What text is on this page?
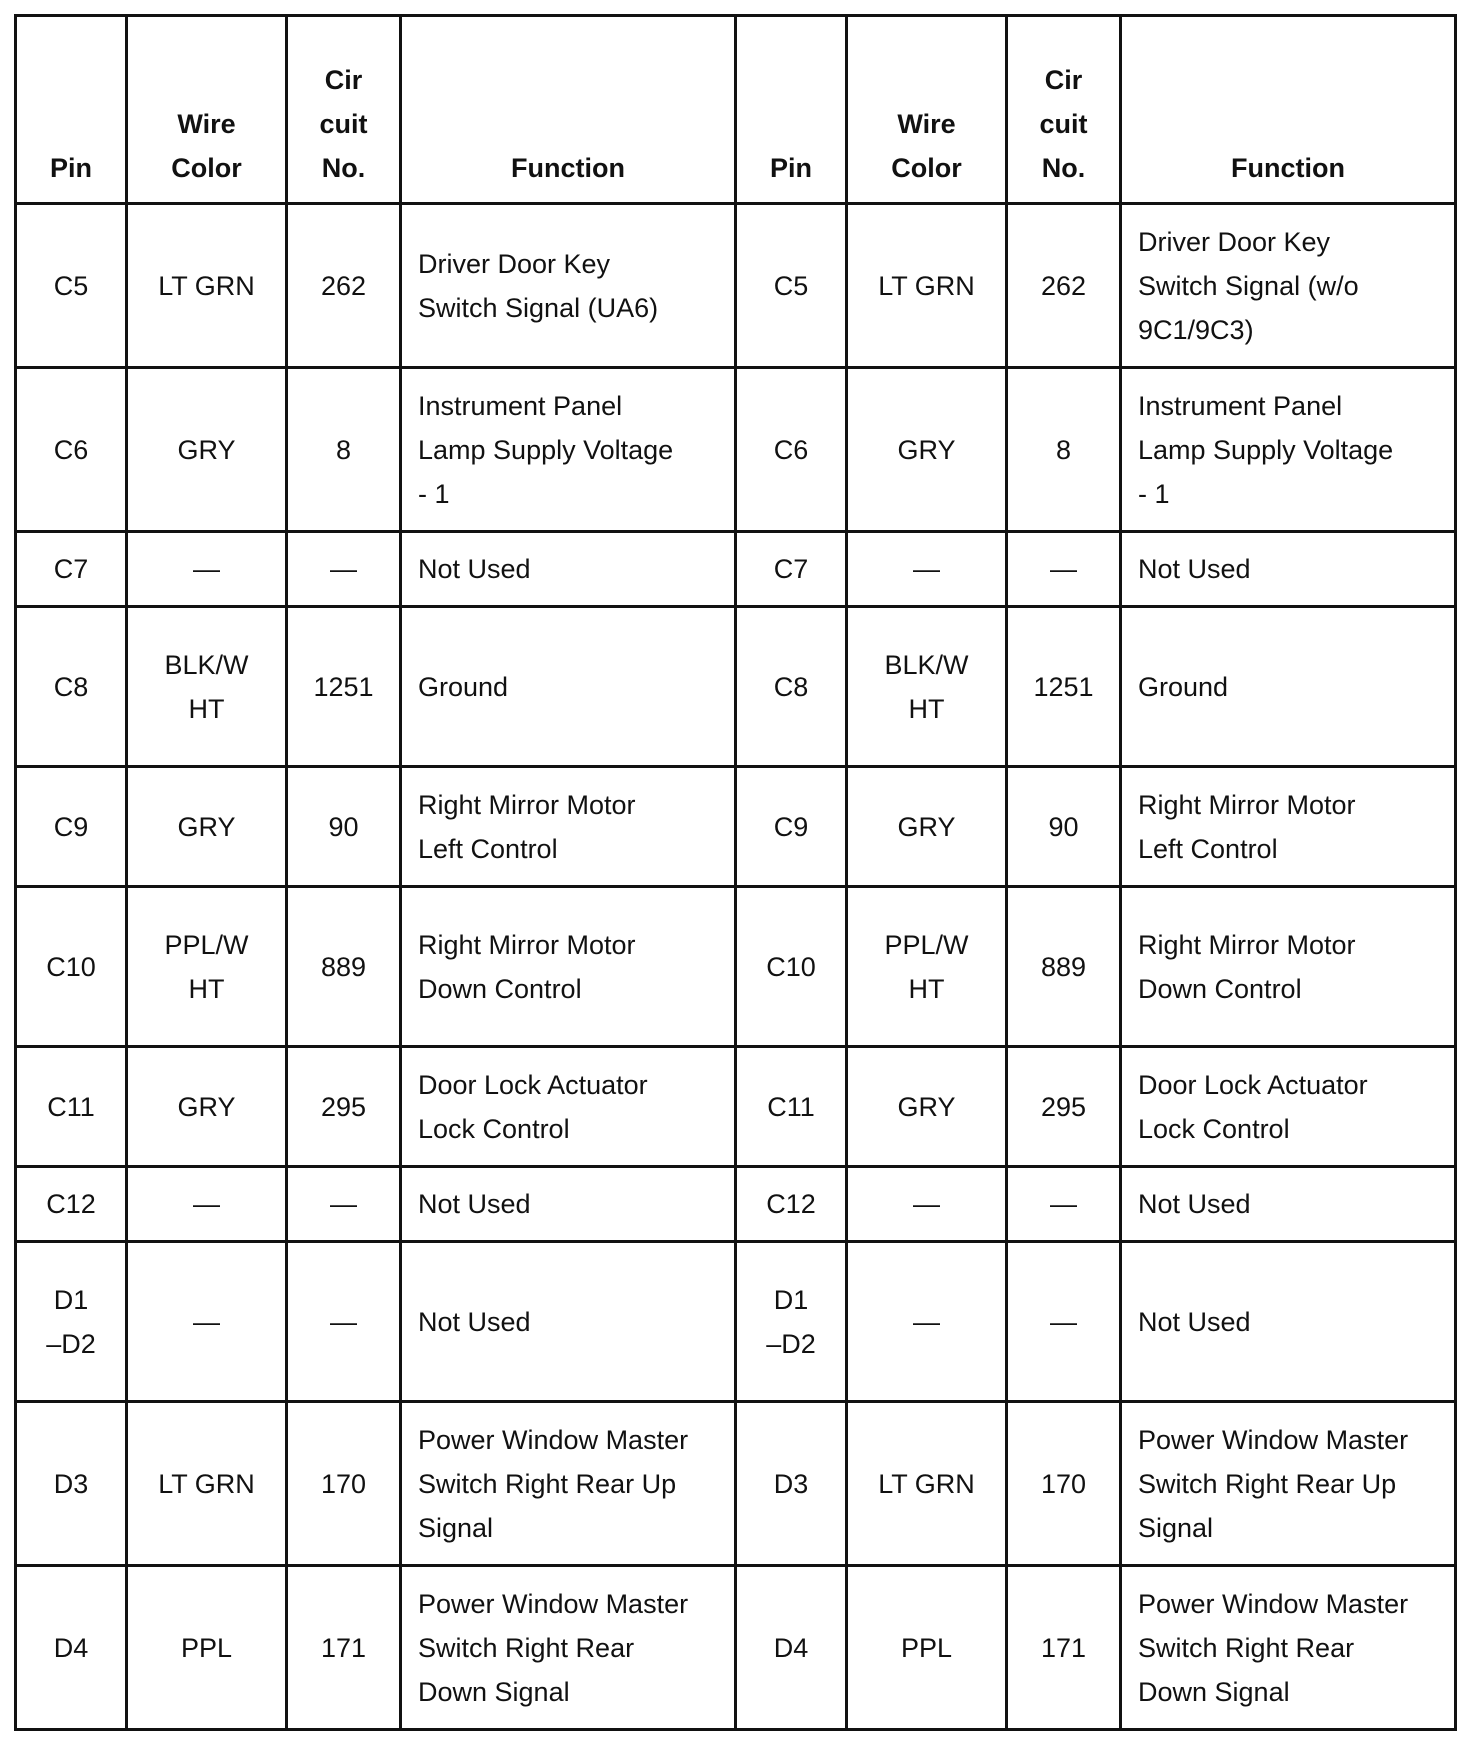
Pin	Wire
Color	Cir
cuit
No.	Function	Pin	Wire
Color	Cir
cuit
No.	Function

C5	LT GRN	262	Driver Door Key
Switch Signal (UA6)	C5	LT GRN	262	Driver Door Key
Switch Signal (w/o
9C1/9C3)

C6	GRY	8	Instrument Panel
Lamp Supply Voltage
- 1	C6	GRY	8	Instrument Panel
Lamp Supply Voltage
- 1

C7	—	—	Not Used	C7	—	—	Not Used

C8	BLK/W
HT	1251	Ground	C8	BLK/W
HT	1251	Ground

C9	GRY	90	Right Mirror Motor
Left Control	C9	GRY	90	Right Mirror Motor
Left Control

C10	PPL/W
HT	889	Right Mirror Motor
Down Control	C10	PPL/W
HT	889	Right Mirror Motor
Down Control

C11	GRY	295	Door Lock Actuator
Lock Control	C11	GRY	295	Door Lock Actuator
Lock Control

C12	—	—	Not Used	C12	—	—	Not Used

D1
–D2	—	—	Not Used	D1
–D2	—	—	Not Used

D3	LT GRN	170	Power Window Master
Switch Right Rear Up
Signal	D3	LT GRN	170	Power Window Master
Switch Right Rear Up
Signal

D4	PPL	171	Power Window Master
Switch Right Rear
Down Signal	D4	PPL	171	Power Window Master
Switch Right Rear
Down Signal
